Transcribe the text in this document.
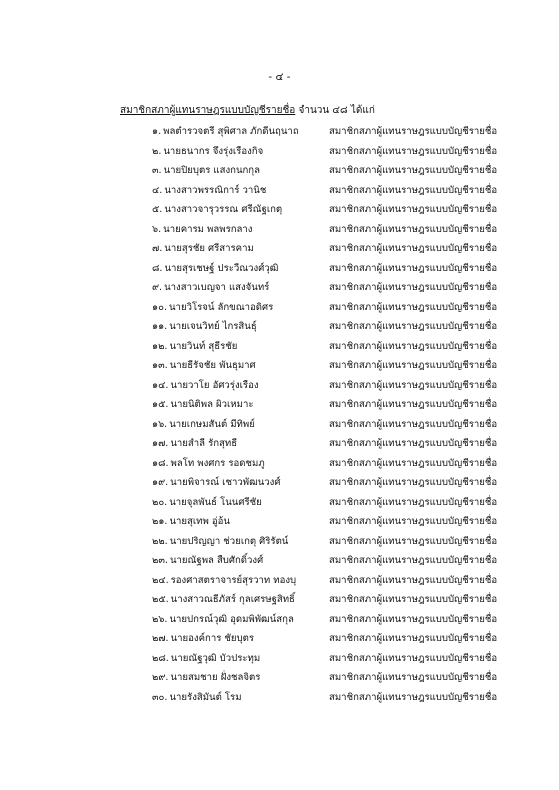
- ๔ -
สมาชิกสภาผู้แทนราษฎรแบบบัญชีรายชื่อ จำนวน ๔๘ ได้แก่
๑. พลตำรวจตรี สุพิศาล ภักดีนฤนาถ	สมาชิกสภาผู้แทนราษฎรแบบบัญชีรายชื่อ
๒. นายธนากร จึงรุ่งเรืองกิจ	สมาชิกสภาผู้แทนราษฎรแบบบัญชีรายชื่อ
๓. นายปิยบุตร แสงกนกกุล	สมาชิกสภาผู้แทนราษฎรแบบบัญชีรายชื่อ
๔. นางสาวพรรณิการ์ วานิช	สมาชิกสภาผู้แทนราษฎรแบบบัญชีรายชื่อ
๕. นางสาวจารุวรรณ ศรีณัฐเกตุ	สมาชิกสภาผู้แทนราษฎรแบบบัญชีรายชื่อ
๖. นายคารม พลพรกลาง	สมาชิกสภาผู้แทนราษฎรแบบบัญชีรายชื่อ
๗. นายสุรชัย ศรีสารคาม	สมาชิกสภาผู้แทนราษฎรแบบบัญชีรายชื่อ
๘. นายสุรเชษฐ์ ประวีณวงศ์วุฒิ	สมาชิกสภาผู้แทนราษฎรแบบบัญชีรายชื่อ
๙. นางสาวเบญจา แสงจันทร์	สมาชิกสภาผู้แทนราษฎรแบบบัญชีรายชื่อ
๑๐. นายวิโรจน์ ลักขณาอดิศร	สมาชิกสภาผู้แทนราษฎรแบบบัญชีรายชื่อ
๑๑. นายเจนวิทย์ ไกรสินธุ์	สมาชิกสภาผู้แทนราษฎรแบบบัญชีรายชื่อ
๑๒. นายวินท์ สุธีรชัย	สมาชิกสภาผู้แทนราษฎรแบบบัญชีรายชื่อ
๑๓. นายธีรัจชัย พันธุมาศ	สมาชิกสภาผู้แทนราษฎรแบบบัญชีรายชื่อ
๑๔. นายวาโย อัศวรุ่งเรือง	สมาชิกสภาผู้แทนราษฎรแบบบัญชีรายชื่อ
๑๕. นายนิติพล ผิวเหมาะ	สมาชิกสภาผู้แทนราษฎรแบบบัญชีรายชื่อ
๑๖. นายเกษมสันต์ มีทิพย์	สมาชิกสภาผู้แทนราษฎรแบบบัญชีรายชื่อ
๑๗. นายสำลี รักสุทธี	สมาชิกสภาผู้แทนราษฎรแบบบัญชีรายชื่อ
๑๘. พลโท พงศกร รอดชมภู	สมาชิกสภาผู้แทนราษฎรแบบบัญชีรายชื่อ
๑๙. นายพิจารณ์ เชาวพัฒนวงศ์	สมาชิกสภาผู้แทนราษฎรแบบบัญชีรายชื่อ
๒๐. นายจุลพันธ์ โนนศรีชัย	สมาชิกสภาผู้แทนราษฎรแบบบัญชีรายชื่อ
๒๑. นายสุเทพ อู่อ้น	สมาชิกสภาผู้แทนราษฎรแบบบัญชีรายชื่อ
๒๒. นายปริญญา ช่วยเกตุ ศิริรัตน์	สมาชิกสภาผู้แทนราษฎรแบบบัญชีรายชื่อ
๒๓. นายณัฐพล สืบศักดิ์วงศ์	สมาชิกสภาผู้แทนราษฎรแบบบัญชีรายชื่อ
๒๔. รองศาสตราจารย์สุรวาท ทองบุ	สมาชิกสภาผู้แทนราษฎรแบบบัญชีรายชื่อ
๒๕. นางสาวณธีภัสร์ กุลเศรษฐสิทธิ์	สมาชิกสภาผู้แทนราษฎรแบบบัญชีรายชื่อ
๒๖. นายปกรณ์วุฒิ อุดมพิพัฒน์สกุล	สมาชิกสภาผู้แทนราษฎรแบบบัญชีรายชื่อ
๒๗. นายองค์การ ชัยบุตร	สมาชิกสภาผู้แทนราษฎรแบบบัญชีรายชื่อ
๒๘. นายณัฐวุฒิ บัวประทุม	สมาชิกสภาผู้แทนราษฎรแบบบัญชีรายชื่อ
๒๙. นายสมชาย ฝั่งชลจิตร	สมาชิกสภาผู้แทนราษฎรแบบบัญชีรายชื่อ
๓๐. นายรังสิมันต์ โรม	สมาชิกสภาผู้แทนราษฎรแบบบัญชีรายชื่อ
